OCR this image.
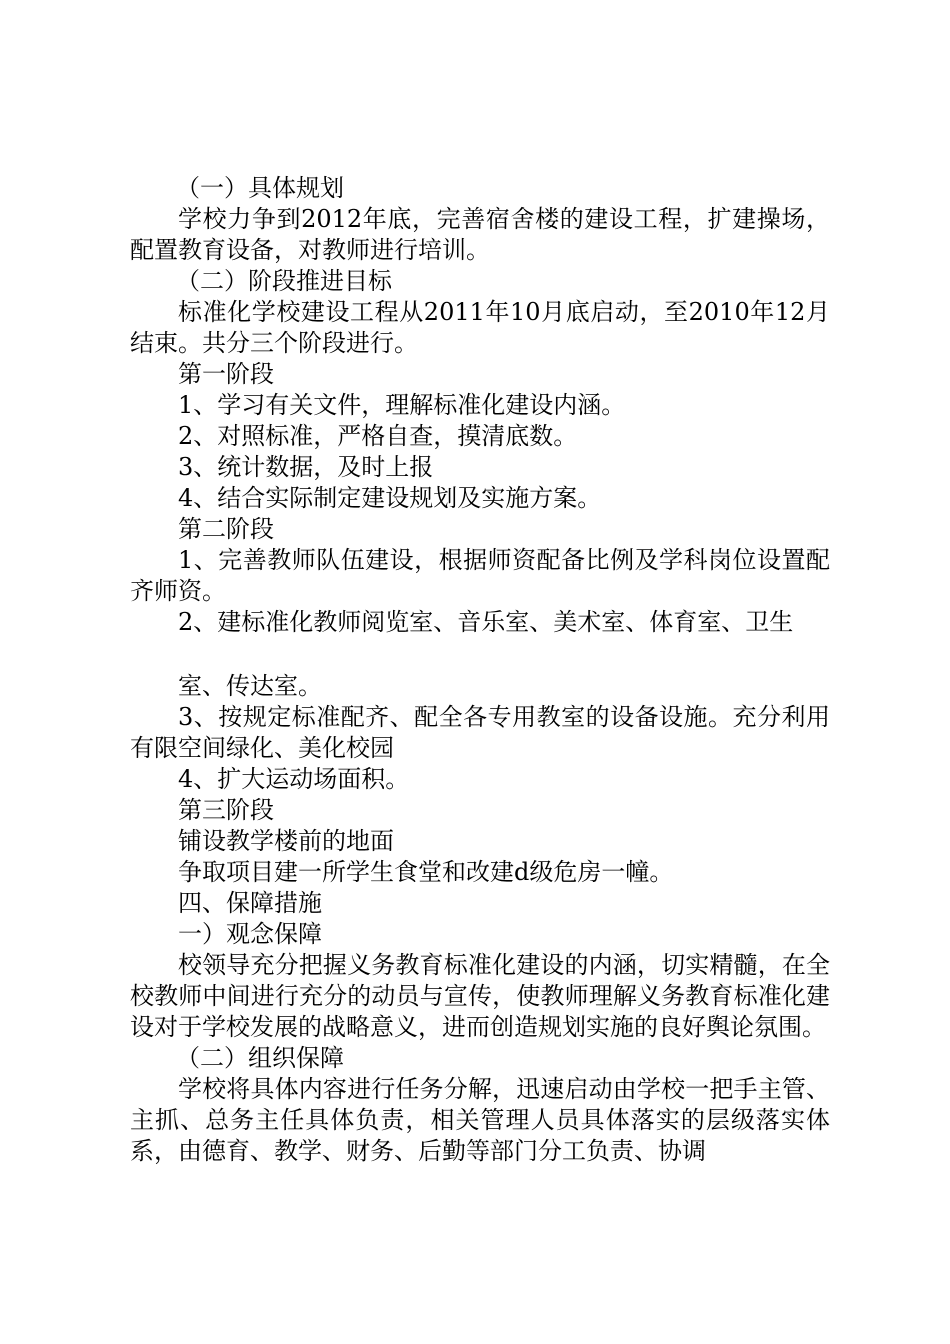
（一）具体规划

学校力争到2012年底，完善宿舍楼的建设工程，扩建操场，配置教育设备，对教师进行培训。

（二）阶段推进目标

标准化学校建设工程从2011年10月底启动，至2010年12月结束。共分三个阶段进行。

第一阶段

1、学习有关文件，理解标准化建设内涵。

2、对照标准，严格自查，摸清底数。

3、统计数据，及时上报

4、结合实际制定建设规划及实施方案。

第二阶段

1、完善教师队伍建设，根据师资配备比例及学科岗位设置配齐师资。

2、建标准化教师阅览室、音乐室、美术室、体育室、卫生

室、传达室。

3、按规定标准配齐、配全各专用教室的设备设施。充分利用有限空间绿化、美化校园

4、扩大运动场面积。

第三阶段

铺设教学楼前的地面

争取项目建一所学生食堂和改建d级危房一幢。

四、保障措施

一）观念保障

校领导充分把握义务教育标准化建设的内涵，切实精髓，在全校教师中间进行充分的动员与宣传，使教师理解义务教育标准化建设对于学校发展的战略意义，进而创造规划实施的良好舆论氛围。

（二）组织保障

学校将具体内容进行任务分解，迅速启动由学校一把手主管、主抓、总务主任具体负责，相关管理人员具体落实的层级落实体系，由德育、教学、财务、后勤等部门分工负责、协调
